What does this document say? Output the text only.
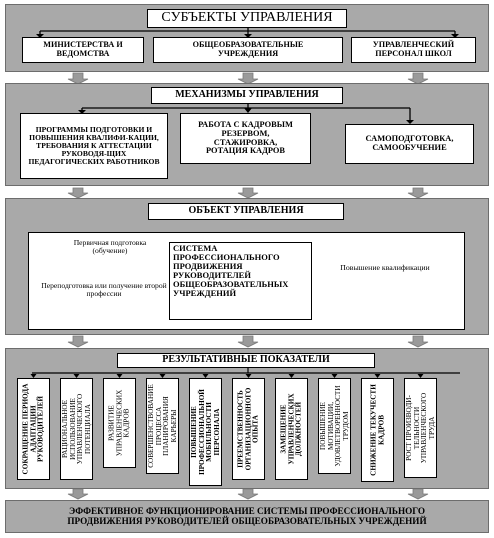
СУБЪЕКТЫ УПРАВЛЕНИЯ
МИНИСТЕРСТВА И ВЕДОМСТВА
ОБЩЕОБРАЗОВАТЕЛЬНЫЕ УЧРЕЖДЕНИЯ
УПРАВЛЕНЧЕСКИЙ ПЕРСОНАЛ ШКОЛ
МЕХАНИЗМЫ УПРАВЛЕНИЯ
ПРОГРАММЫ ПОДГОТОВКИ И ПОВЫШЕНИЯ КВАЛИФИ-КАЦИИ, ТРЕБОВАНИЯ К АТТЕСТАЦИИ РУКОВОДЯ-ЩИХ ПЕДАГОГИЧЕСКИХ РАБОТНИКОВ
РАБОТА С КАДРОВЫМ РЕЗЕРВОМ, СТАЖИРОВКА, РОТАЦИЯ КАДРОВ
САМОПОДГОТОВКА, САМООБУЧЕНИЕ
ОБЪЕКТ УПРАВЛЕНИЯ
Первичная подготовка (обучение)
Переподготовка или получение второй профессии
СИСТЕМА ПРОФЕССИОНАЛЬНОГО ПРОДВИЖЕНИЯ РУКОВОДИТЕЛЕЙ ОБЩЕОБРАЗОВАТЕЛЬНЫХ УЧРЕЖДЕНИЙ
Повышение квалификации
РЕЗУЛЬТАТИВНЫЕ ПОКАЗАТЕЛИ
СОКРАЩЕНИЕ ПЕРИОДА АДАПТАЦИИ РУКОВОДИТЕЛЕЙ РАЦИОНАЛЬНОЕ ИСПОЛЬЗОВАНИЕ УПРАВЛЕНЧЕСКОГО ПОТЕНЦИАЛА РАЗВИТИЕ УПРАВЛЕНЧЕСКИХ КАДРОВ СОВЕРШЕНСТВОВАНИЕ ПРОЦЕССА ПЛАНИРОВАНИЯ КАРЬЕРЫ ПОВЫШЕНИЕ ПРОФЕССИОНАЛЬНОЙ МОБИЛЬНОСТИ ПЕРСОНАЛА ПРЕЕМСТВЕННОСТЬ ОРГАНИЗАЦИОННОГО ОПЫТА	ЗАМЕЩЕНИЕ УПРАВЛЕНЧЕСКИХ ДОЛЖНОСТЕЙ ПОВЫШЕНИЕ МОТИВАЦИИ, УДОВЛЕТВОРЕННОСТИ ТРУДОМ	СНИЖЕНИЕ ТЕКУЧЕСТИ КАДРОВ	РОСТ ПРОИЗВОДИ-ТЕЛЬНОСТИ УПРАВЛЕНЧЕСКОГО ТРУДА
ЭФФЕКТИВНОЕ ФУНКЦИОНИРОВАНИЕ СИСТЕМЫ ПРОФЕССИОНАЛЬНОГО ПРОДВИЖЕНИЯ РУКОВОДИТЕЛЕЙ ОБЩЕОБРАЗОВАТЕЛЬНЫХ УЧРЕЖДЕНИЙ
